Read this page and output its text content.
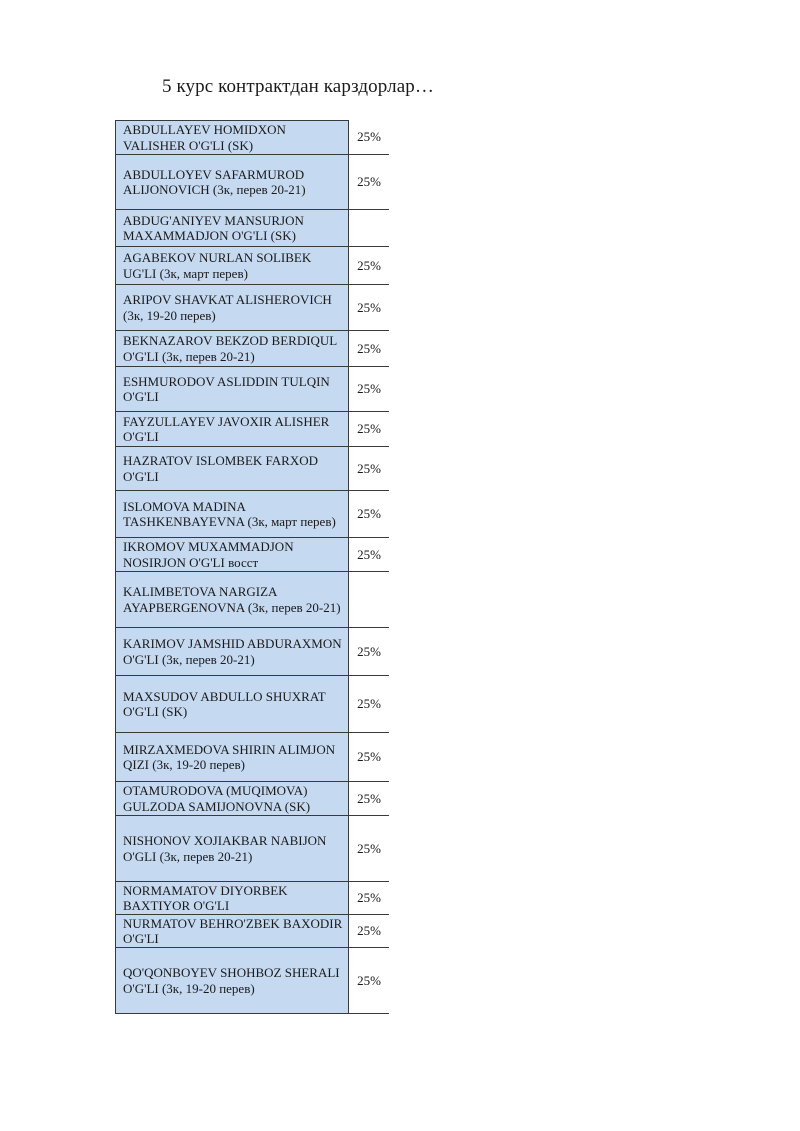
5 курс контрактдан карздорлар…
ABDULLAYEV HOMIDXON VALISHER O'G'LI (SK)	25%
ABDULLOYEV SAFARMUROD ALIJONOVICH (3к, перев 20-21)	25%
ABDUG'ANIYEV MANSURJON MAXAMMADJON O'G'LI (SK)	
AGABEKOV NURLAN SOLIBEK UG'LI (3к, март перев)	25%
ARIPOV SHAVKAT ALISHEROVICH (3к, 19-20 перев)	25%
BEKNAZAROV BEKZOD BERDIQUL O'G'LI (3к, перев 20-21)	25%
ESHMURODOV ASLIDDIN TULQIN O'G'LI	25%
FAYZULLAYEV JAVOXIR ALISHER O'G'LI	25%
HAZRATOV ISLOMBEK FARXOD O'G'LI	25%
ISLOMOVA MADINA TASHKENBAYEVNA (3к, март перев)	25%
IKROMOV MUXAMMADJON NOSIRJON O'G'LI восст	25%
KALIMBETOVA NARGIZA AYAPBERGENOVNA (3к, перев 20-21)	
KARIMOV JAMSHID ABDURAXMON O'G'LI (3к, перев 20-21)	25%
MAXSUDOV ABDULLO SHUXRAT O'G'LI (SK)	25%
MIRZAXMEDOVA SHIRIN ALIMJON QIZI (3к, 19-20 перев)	25%
OTAMURODOVA (MUQIMOVA) GULZODA SAMIJONOVNA (SK)	25%
NISHONOV XOJIAKBAR NABIJON O'GLI (3к, перев 20-21)	25%
NORMAMATOV DIYORBEK BAXTIYOR O'G'LI	25%
NURMATOV BEHRO'ZBEK BAXODIR O'G'LI	25%
QO'QONBOYEV SHOHBOZ SHERALI O'G'LI (3к, 19-20 перев)	25%
